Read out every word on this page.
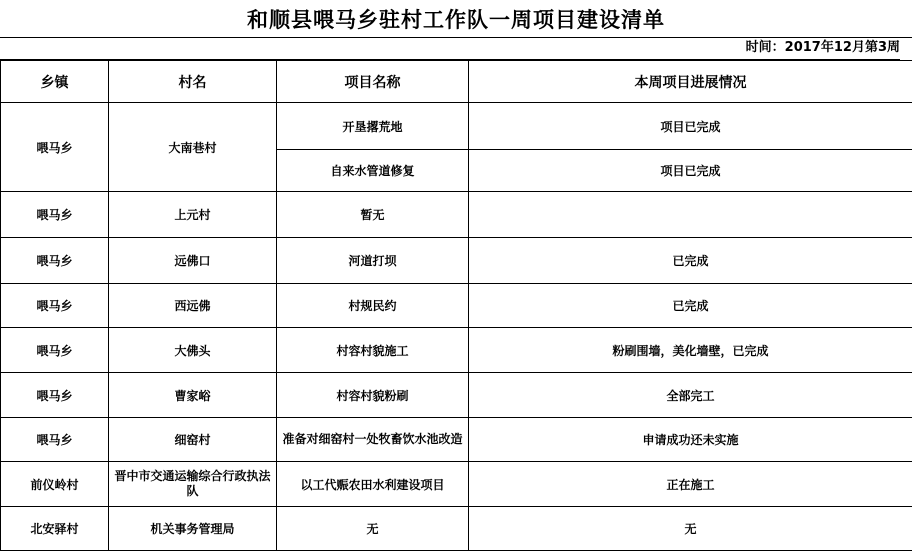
和顺县喂马乡驻村工作队一周项目建设清单
时间：2017年12月第3周
乡镇	村名	项目名称	本周项目进展情况
喂马乡	大南巷村	开垦撂荒地	项目已完成
		自来水管道修复	项目已完成
喂马乡	上元村	暂无	
喂马乡	远佛口	河道打坝	已完成
喂马乡	西远佛	村规民约	已完成
喂马乡	大佛头	村容村貌施工	粉刷围墙，美化墙壁，已完成
喂马乡	曹家峪	村容村貌粉刷	全部完工
喂马乡	细窑村	准备对细窑村一处牧畜饮水池改造	申请成功还未实施
前仪岭村	晋中市交通运输综合行政执法队	以工代赈农田水利建设项目	正在施工
北安驿村	机关事务管理局	无	无
